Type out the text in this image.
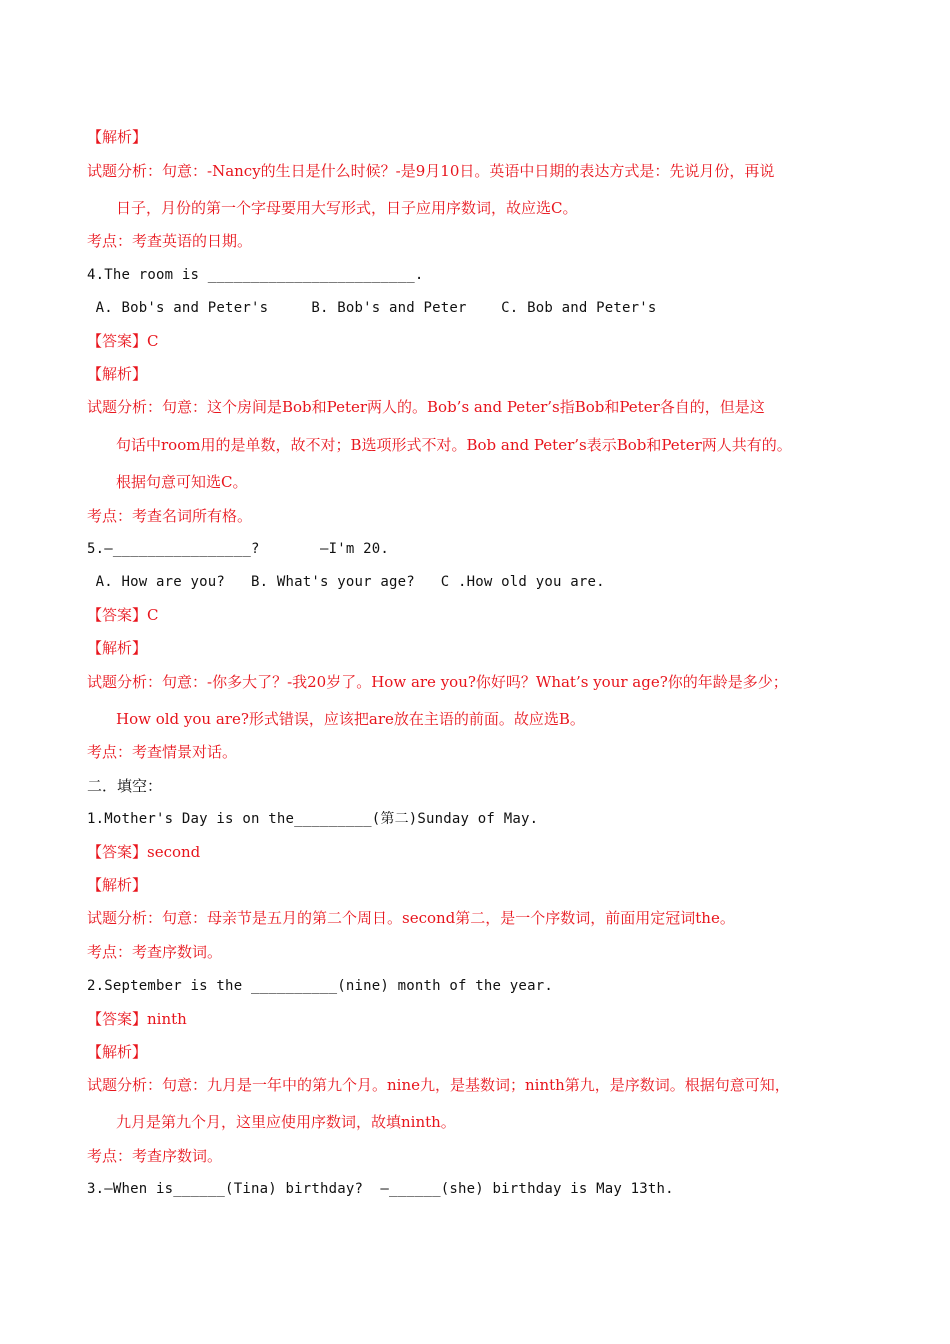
【解析】
试题分析：句意：-Nancy的生日是什么时候？-是9月10日。英语中日期的表达方式是：先说月份，再说
日子，月份的第一个字母要用大写形式，日子应用序数词，故应选C。
考点：考查英语的日期。
4.The room is ________________________.
A. Bob's and Peter's     B. Bob's and Peter    C. Bob and Peter's
【答案】C
【解析】
试题分析：句意：这个房间是Bob和Peter两人的。Bob’s and Peter’s指Bob和Peter各自的，但是这
句话中room用的是单数，故不对；B选项形式不对。Bob and Peter’s表示Bob和Peter两人共有的。
根据句意可知选C。
考点：考查名词所有格。
5.—________________?       —I'm 20.
A. How are you?   B. What's your age?   C .How old you are.
【答案】C
【解析】
试题分析：句意：-你多大了？-我20岁了。How are you?你好吗？What’s your age?你的年龄是多少；
How old you are?形式错误，应该把are放在主语的前面。故应选B。
考点：考查情景对话。
二．填空：
1.Mother's Day is on the_________(第二)Sunday of May.
【答案】second
【解析】
试题分析：句意：母亲节是五月的第二个周日。second第二，是一个序数词，前面用定冠词the。
考点：考查序数词。
2.September is the __________(nine) month of the year.
【答案】ninth
【解析】
试题分析：句意：九月是一年中的第九个月。nine九，是基数词；ninth第九，是序数词。根据句意可知，
九月是第九个月，这里应使用序数词，故填ninth。
考点：考查序数词。
3.—When is______(Tina) birthday?  —______(she) birthday is May 13th.
